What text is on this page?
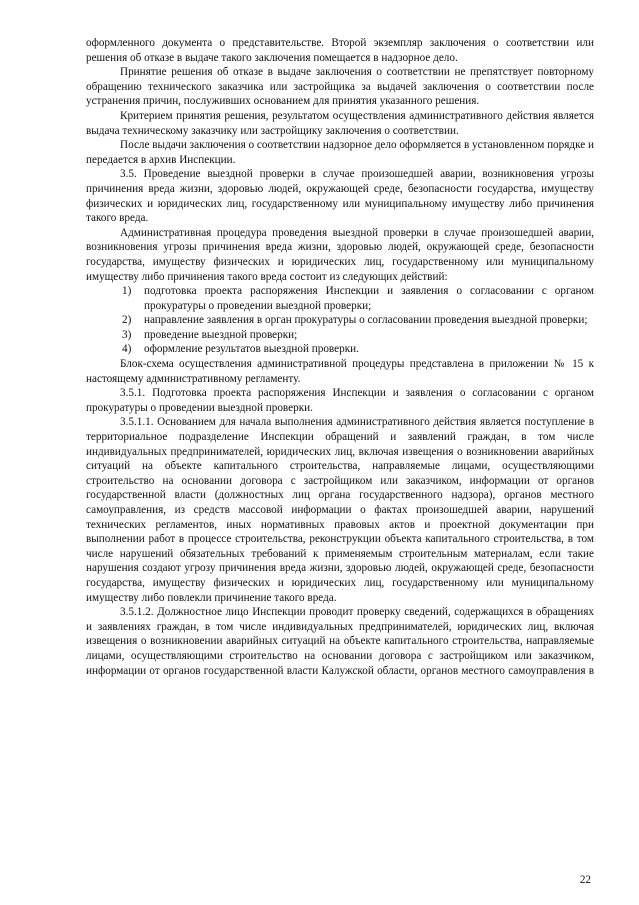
оформленного документа о представительстве. Второй экземпляр заключения о соответствии или решения об отказе в выдаче такого заключения помещается в надзорное дело.

Принятие решения об отказе в выдаче заключения о соответствии не препятствует повторному обращению технического заказчика или застройщика за выдачей заключения о соответствии после устранения причин, послуживших основанием для принятия указанного решения.

Критерием принятия решения, результатом осуществления административного действия является выдача техническому заказчику или застройщику заключения о соответствии.

После выдачи заключения о соответствии надзорное дело оформляется в установленном порядке и передается в архив Инспекции.

3.5. Проведение выездной проверки в случае произошедшей аварии, возникновения угрозы причинения вреда жизни, здоровью людей, окружающей среде, безопасности государства, имуществу физических и юридических лиц, государственному или муниципальному имуществу либо причинения такого вреда.

Административная процедура проведения выездной проверки в случае произошедшей аварии, возникновения угрозы причинения вреда жизни, здоровью людей, окружающей среде, безопасности государства, имуществу физических и юридических лиц, государственному или муниципальному имуществу либо причинения такого вреда состоит из следующих действий:

1) подготовка проекта распоряжения Инспекции и заявления о согласовании с органом прокуратуры о проведении выездной проверки;
2) направление заявления в орган прокуратуры о согласовании проведения выездной проверки;
3) проведение выездной проверки;
4) оформление результатов выездной проверки.

Блок-схема осуществления административной процедуры представлена в приложении № 15 к настоящему административному регламенту.

3.5.1. Подготовка проекта распоряжения Инспекции и заявления о согласовании с органом прокуратуры о проведении выездной проверки.

3.5.1.1. Основанием для начала выполнения административного действия является поступление в территориальное подразделение Инспекции обращений и заявлений граждан, в том числе индивидуальных предпринимателей, юридических лиц, включая извещения о возникновении аварийных ситуаций на объекте капитального строительства, направляемые лицами, осуществляющими строительство на основании договора с застройщиком или заказчиком, информации от органов государственной власти (должностных лиц органа государственного надзора), органов местного самоуправления, из средств массовой информации о фактах произошедшей аварии, нарушений технических регламентов, иных нормативных правовых актов и проектной документации при выполнении работ в процессе строительства, реконструкции объекта капитального строительства, в том числе нарушений обязательных требований к применяемым строительным материалам, если такие нарушения создают угрозу причинения вреда жизни, здоровью людей, окружающей среде, безопасности государства, имуществу физических и юридических лиц, государственному или муниципальному имуществу либо повлекли причинение такого вреда.

3.5.1.2. Должностное лицо Инспекции проводит проверку сведений, содержащихся в обращениях и заявлениях граждан, в том числе индивидуальных предпринимателей, юридических лиц, включая извещения о возникновении аварийных ситуаций на объекте капитального строительства, направляемые лицами, осуществляющими строительство на основании договора с застройщиком или заказчиком, информации от органов государственной власти Калужской области, органов местного самоуправления в

22
